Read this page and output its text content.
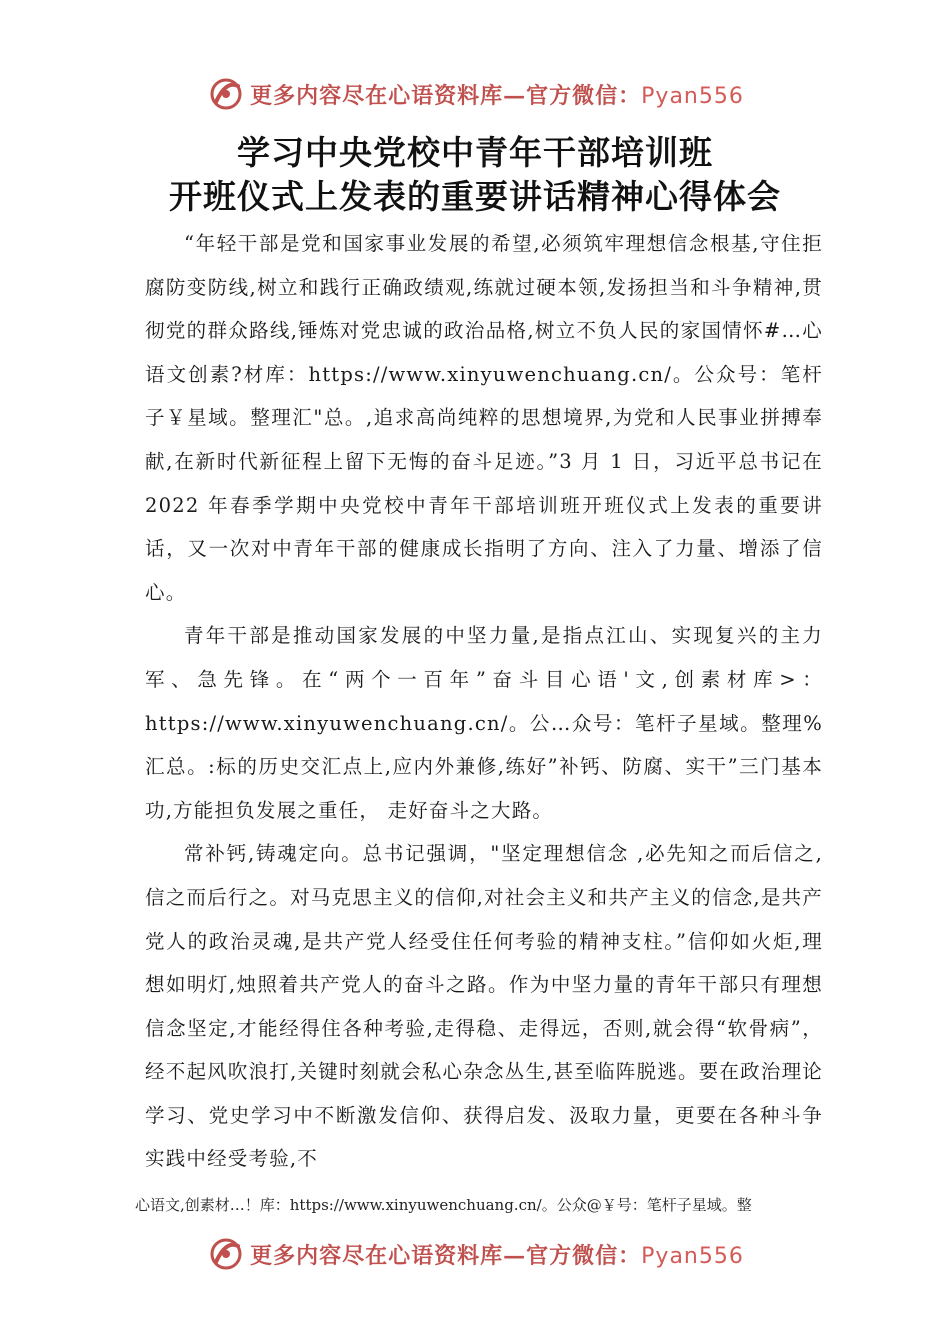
更多内容尽在心语资料库—官方微信：Pyan556
学习中央党校中青年干部培训班
开班仪式上发表的重要讲话精神心得体会

“年轻干部是党和国家事业发展的希望,必须筑牢理想信念根基,守住拒腐防变防线,树立和践行正确政绩观,练就过硬本领,发扬担当和斗争精神,贯彻党的群众路线,锤炼对党忠诚的政治品格,树立不负人民的家国情怀#…心语文创素?材库：https://www.xinyuwenchuang.cn/。公众号：笔杆子￥星域。整理汇"总。,追求高尚纯粹的思想境界,为党和人民事业拼搏奉献,在新时代新征程上留下无悔的奋斗足迹。”3 月 1 日，习近平总书记在 2022 年春季学期中央党校中青年干部培训班开班仪式上发表的重要讲话，又一次对中青年干部的健康成长指明了方向、注入了力量、增添了信心。

青年干部是推动国家发展的中坚力量,是指点江山、实现复兴的主力军、急先锋。在“两个一百年”奋斗目心语'文,创素材库>：https://www.xinyuwenchuang.cn/。公…众号：笔杆子星域。整理%汇总。:标的历史交汇点上,应内外兼修,练好”补钙、防腐、实干”三门基本功,方能担负发展之重任， 走好奋斗之大路。

常补钙,铸魂定向。总书记强调，"坚定理想信念 ,必先知之而后信之,信之而后行之。对马克思主义的信仰,对社会主义和共产主义的信念,是共产党人的政治灵魂,是共产党人经受住任何考验的精神支柱。”信仰如火炬,理想如明灯,烛照着共产党人的奋斗之路。作为中坚力量的青年干部只有理想信念坚定,才能经得住各种考验,走得稳、走得远，否则,就会得“软骨病”， 经不起风吹浪打,关键时刻就会私心杂念丛生,甚至临阵脱逃。要在政治理论学习、党史学习中不断激发信仰、获得启发、汲取力量，更要在各种斗争实践中经受考验,不

心语文,创素材…！库：https://www.xinyuwenchuang.cn/。公众@￥号：笔杆子星域。整
更多内容尽在心语资料库—官方微信：Pyan556
